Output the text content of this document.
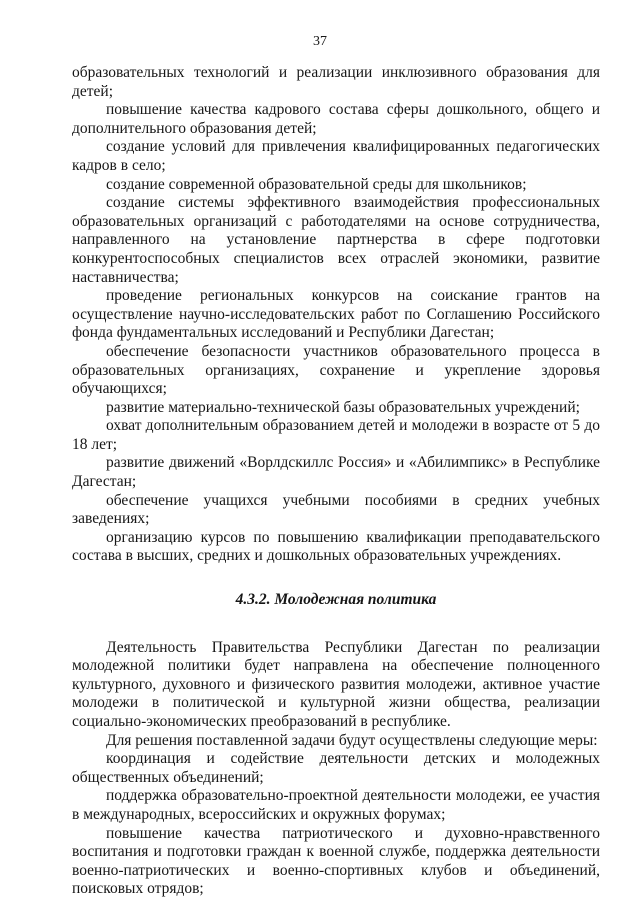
37

образовательных технологий и реализации инклюзивного образования для детей;

повышение качества кадрового состава сферы дошкольного, общего и дополнительного образования детей;

создание условий для привлечения квалифицированных педагогических кадров в село;

создание современной образовательной среды для школьников;

создание системы эффективного взаимодействия профессиональных образовательных организаций с работодателями на основе сотрудничества, направленного на установление партнерства в сфере подготовки конкурентоспособных специалистов всех отраслей экономики, развитие наставничества;

проведение региональных конкурсов на соискание грантов на осуществление научно-исследовательских работ по Соглашению Российского фонда фундаментальных исследований и Республики Дагестан;

обеспечение безопасности участников образовательного процесса в образовательных организациях, сохранение и укрепление здоровья обучающихся;

развитие материально-технической базы образовательных учреждений;

охват дополнительным образованием детей и молодежи в возрасте от 5 до 18 лет;

развитие движений «Ворлдскиллс Россия» и «Абилимпикс» в Республике Дагестан;

обеспечение учащихся учебными пособиями в средних учебных заведениях;

организацию курсов по повышению квалификации преподавательского состава в высших, средних и дошкольных образовательных учреждениях.

4.3.2. Молодежная политика

Деятельность Правительства Республики Дагестан по реализации молодежной политики будет направлена на обеспечение полноценного культурного, духовного и физического развития молодежи, активное участие молодежи в политической и культурной жизни общества, реализации социально-экономических преобразований в республике.

Для решения поставленной задачи будут осуществлены следующие меры:

координация и содействие деятельности детских и молодежных общественных объединений;

поддержка образовательно-проектной деятельности молодежи, ее участия в международных, всероссийских и окружных форумах;

повышение качества патриотического и духовно-нравственного воспитания и подготовки граждан к военной службе, поддержка деятельности военно-патриотических и военно-спортивных клубов и объединений, поисковых отрядов;
